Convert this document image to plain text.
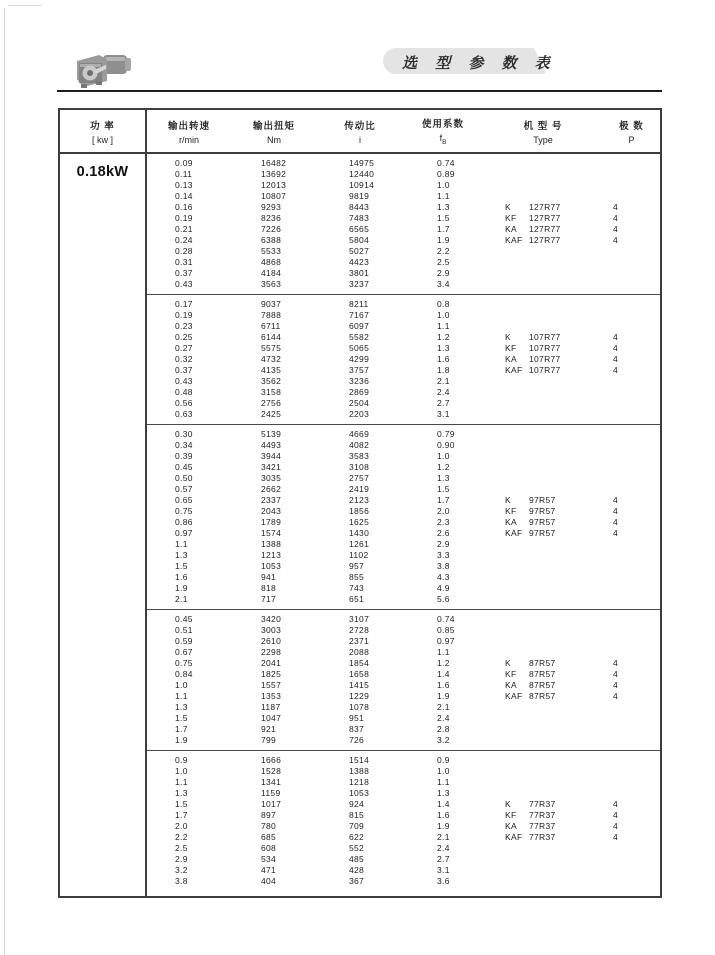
选 型 参 数 表
功 率
[ kw ]
输出转速
r/min
输出扭矩
Nm
传动比
i
使用系数
$f_B$
机 型 号
Type
极 数
P
0.18kW
0.09	16482	14975	0.74
0.11	13692	12440	0.89
0.13	12013	10914	1.0
0.14	10807	9819	1.1
0.16	9293	8443	1.3	K	127R77	4
0.19	8236	7483	1.5	KF	127R77	4
0.21	7226	6565	1.7	KA	127R77	4
0.24	6388	5804	1.9	KAF 127R77	4
0.28	5533	5027	2.2
0.31	4868	4423	2.5
0.37	4184	3801	2.9
0.43	3563	3237	3.4
0.17	9037	8211	0.8
0.19	7888	7167	1.0
0.23	6711	6097	1.1
0.25	6144	5582	1.2	K	107R77	4
0.27	5575	5065	1.3	KF	107R77	4
0.32	4732	4299	1.6	KA	107R77	4
0.37	4135	3757	1.8	KAF 107R77	4
0.43	3562	3236	2.1
0.48	3158	2869	2.4
0.56	2756	2504	2.7
0.63	2425	2203	3.1
0.30	5139	4669	0.79
0.34	4493	4082	0.90
0.39	3944	3583	1.0
0.45	3421	3108	1.2
0.50	3035	2757	1.3
0.57	2662	2419	1.5
0.65	2337	2123	1.7	K	97R57	4
0.75	2043	1856	2.0	KF	97R57	4
0.86	1789	1625	2.3	KA	97R57	4
0.97	1574	1430	2.6	KAF 97R57	4
1.1	1388	1261	2.9
1.3	1213	1102	3.3
1.5	1053	957	3.8
1.6	941	855	4.3
1.9	818	743	4.9
2.1	717	651	5.6
0.45	3420	3107	0.74
0.51	3003	2728	0.85
0.59	2610	2371	0.97
0.67	2298	2088	1.1
0.75	2041	1854	1.2	K	87R57	4
0.84	1825	1658	1.4	KF	87R57	4
1.0	1557	1415	1.6	KA	87R57	4
1.1	1353	1229	1.9	KAF 87R57	4
1.3	1187	1078	2.1
1.5	1047	951	2.4
1.7	921	837	2.8
1.9	799	726	3.2
0.9	1666	1514	0.9
1.0	1528	1388	1.0
1.1	1341	1218	1.1
1.3	1159	1053	1.3
1.5	1017	924	1.4	K	77R37	4
1.7	897	815	1.6	KF	77R37	4
2.0	780	709	1.9	KA	77R37	4
2.2	685	622	2.1	KAF 77R37	4
2.5	608	552	2.4
2.9	534	485	2.7
3.2	471	428	3.1
3.8	404	367	3.6
